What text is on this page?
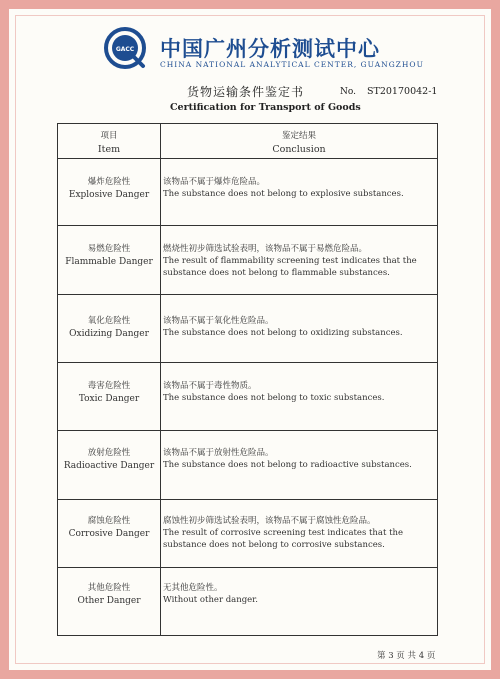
GACC 中国广州分析测试中心
CHINA NATIONAL ANALYTICAL CENTER, GUANGZHOU
货物运输条件鉴定书	No. ST20170042-1
Certification for Transport of Goods
项目
Item
鉴定结果
Conclusion
爆炸危险性
Explosive Danger
该物品不属于爆炸危险品。
The substance does not belong to explosive substances.
易燃危险性
Flammable Danger
燃烧性初步筛选试验表明，该物品不属于易燃危险品。
The result of flammability screening test indicates that the substance does not belong to flammable substances.
氧化危险性
Oxidizing Danger
该物品不属于氧化性危险品。
The substance does not belong to oxidizing substances.
毒害危险性
Toxic Danger
该物品不属于毒性物质。
The substance does not belong to toxic substances.
放射危险性
Radioactive Danger
该物品不属于放射性危险品。
The substance does not belong to radioactive substances.
腐蚀危险性
Corrosive Danger
腐蚀性初步筛选试验表明，该物品不属于腐蚀性危险品。
The result of corrosive screening test indicates that the substance does not belong to corrosive substances.
其他危险性
Other Danger
无其他危险性。
Without other danger.
第 3 页 共 4 页
